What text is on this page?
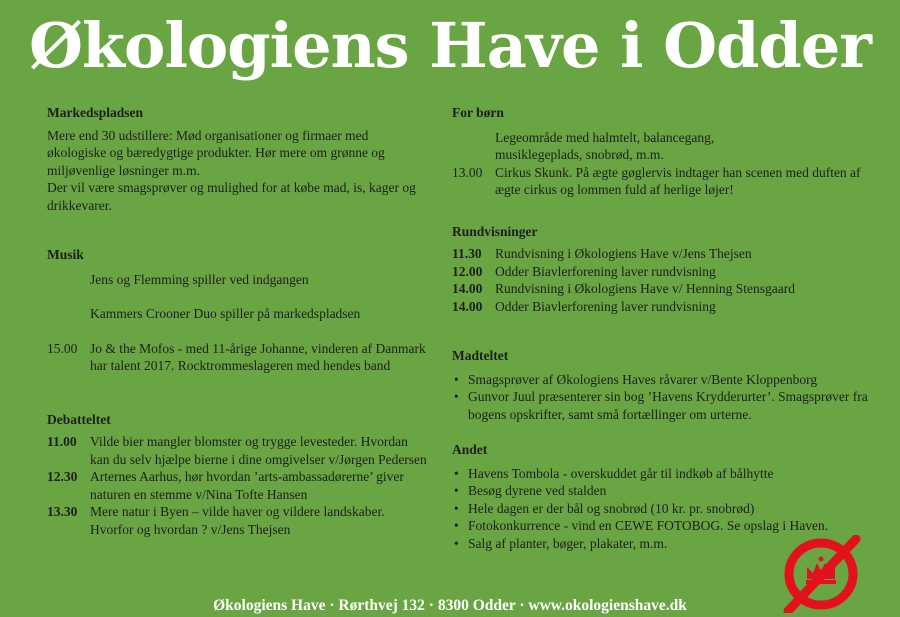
Økologiens Have i Odder

Markedspladsen

Mere end 30 udstillere: Mød organisationer og firmaer med økologiske og bæredygtige produkter. Hør mere om grønne og miljøvenlige løsninger m.m.

Der vil være smagsprøver og mulighed for at købe mad, is, kager og drikkevarer.

Musik

Jens og Flemming spiller ved indgangen

Kammers Crooner Duo spiller på markedspladsen

15.00 Jo & the Mofos - med 11-årige Johanne, vinderen af Danmark har talent 2017. Rocktrommeslageren med hendes band

Debatteltet

11.00 Vilde bier mangler blomster og trygge levesteder. Hvordan kan du selv hjælpe bierne i dine omgivelser v/Jørgen Pedersen
12.30 Arternes Aarhus, hør hvordan ’arts-ambassadørerne’ giver naturen en stemme v/Nina Tofte Hansen
13.30 Mere natur i Byen – vilde haver og vildere landskaber. Hvorfor og hvordan ? v/Jens Thejsen

For børn

Legeområde med halmtelt, balancegang, musiklegeplads, snobrød, m.m.

13.00 Cirkus Skunk. På ægte gøglervis indtager han scenen med duften af ægte cirkus og lommen fuld af herlige løjer!

Rundvisninger

11.30 Rundvisning i Økologiens Have v/Jens Thejsen
12.00 Odder Biavlerforening laver rundvisning
14.00 Rundvisning i Økologiens Have v/ Henning Stensgaard
14.00 Odder Biavlerforening laver rundvisning

Madteltet

• Smagsprøver af Økologiens Haves råvarer v/Bente Kloppenborg
• Gunvor Juul præsenterer sin bog ’Havens Krydderurter’. Smagsprøver fra bogens opskrifter, samt små fortællinger om urterne.

Andet

• Havens Tombola - overskuddet går til indkøb af bålhytte
• Besøg dyrene ved stalden
• Hele dagen er der bål og snobrød (10 kr. pr. snobrød)
• Fotokonkurrence - vind en CEWE FOTOBOG. Se opslag i Haven.
• Salg af planter, bøger, plakater, m.m.
Økologiens Have · Rørthvej 132 · 8300 Odder · www.okologienshave.dk
